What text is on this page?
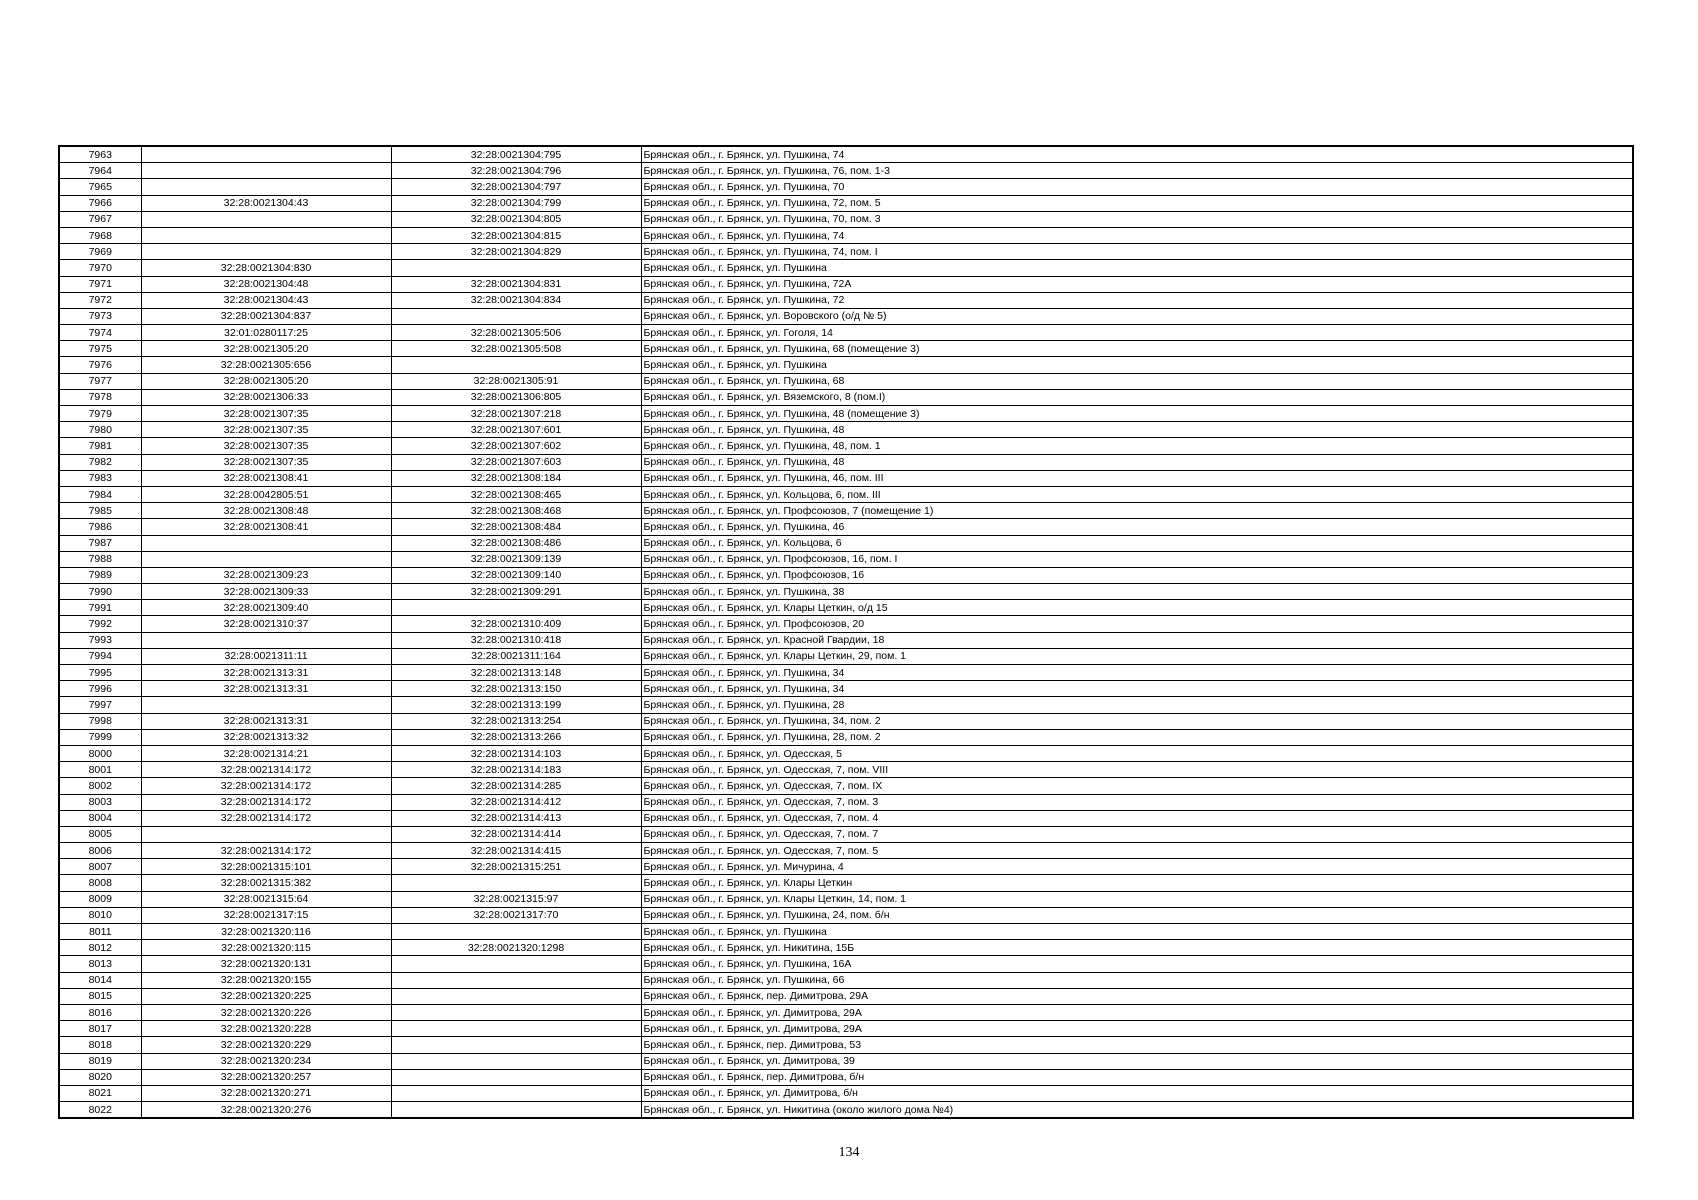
7963		32:28:0021304:795	Брянская обл., г. Брянск, ул. Пушкина, 74
7964		32:28:0021304:796	Брянская обл., г. Брянск, ул. Пушкина, 76, пом. 1-3
7965		32:28:0021304:797	Брянская обл., г. Брянск, ул. Пушкина, 70
7966	32:28:0021304:43	32:28:0021304:799	Брянская обл., г. Брянск, ул. Пушкина, 72, пом. 5
7967		32:28:0021304:805	Брянская обл., г. Брянск, ул. Пушкина, 70, пом. 3
7968		32:28:0021304:815	Брянская обл., г. Брянск, ул. Пушкина, 74
7969		32:28:0021304:829	Брянская обл., г. Брянск, ул. Пушкина, 74, пом. I
7970	32:28:0021304:830		Брянская обл., г. Брянск, ул. Пушкина
7971	32:28:0021304:48	32:28:0021304:831	Брянская обл., г. Брянск, ул. Пушкина, 72А
7972	32:28:0021304:43	32:28:0021304:834	Брянская обл., г. Брянск, ул. Пушкина, 72
7973	32:28:0021304:837		Брянская обл., г. Брянск, ул. Воровского (о/д № 5)
7974	32:01:0280117:25	32:28:0021305:506	Брянская обл., г. Брянск, ул. Гоголя, 14
7975	32:28:0021305:20	32:28:0021305:508	Брянская обл., г. Брянск, ул. Пушкина, 68 (помещение 3)
7976	32:28:0021305:656		Брянская обл., г. Брянск, ул. Пушкина
7977	32:28:0021305:20	32:28:0021305:91	Брянская обл., г. Брянск, ул. Пушкина, 68
7978	32:28:0021306:33	32:28:0021306:805	Брянская обл., г. Брянск, ул. Вяземского, 8 (пом.I)
7979	32:28:0021307:35	32:28:0021307:218	Брянская обл., г. Брянск, ул. Пушкина, 48 (помещение 3)
7980	32:28:0021307:35	32:28:0021307:601	Брянская обл., г. Брянск, ул. Пушкина, 48
7981	32:28:0021307:35	32:28:0021307:602	Брянская обл., г. Брянск, ул. Пушкина, 48, пом. 1
7982	32:28:0021307:35	32:28:0021307:603	Брянская обл., г. Брянск, ул. Пушкина, 48
7983	32:28:0021308:41	32:28:0021308:184	Брянская обл., г. Брянск, ул. Пушкина, 46, пом. III
7984	32:28:0042805:51	32:28:0021308:465	Брянская обл., г. Брянск, ул. Кольцова, 6, пом. III
7985	32:28:0021308:48	32:28:0021308:468	Брянская обл., г. Брянск, ул. Профсоюзов, 7 (помещение 1)
7986	32:28:0021308:41	32:28:0021308:484	Брянская обл., г. Брянск, ул. Пушкина, 46
7987		32:28:0021308:486	Брянская обл., г. Брянск, ул. Кольцова, 6
7988		32:28:0021309:139	Брянская обл., г. Брянск, ул. Профсоюзов, 16, пом. I
7989	32:28:0021309:23	32:28:0021309:140	Брянская обл., г. Брянск, ул. Профсоюзов, 16
7990	32:28:0021309:33	32:28:0021309:291	Брянская обл., г. Брянск, ул. Пушкина, 38
7991	32:28:0021309:40		Брянская обл., г. Брянск, ул. Клары Цеткин, о/д 15
7992	32:28:0021310:37	32:28:0021310:409	Брянская обл., г. Брянск, ул. Профсоюзов, 20
7993		32:28:0021310:418	Брянская обл., г. Брянск, ул. Красной Гвардии, 18
7994	32:28:0021311:11	32:28:0021311:164	Брянская обл., г. Брянск, ул. Клары Цеткин, 29, пом. 1
7995	32:28:0021313:31	32:28:0021313:148	Брянская обл., г. Брянск, ул. Пушкина, 34
7996	32:28:0021313:31	32:28:0021313:150	Брянская обл., г. Брянск, ул. Пушкина, 34
7997		32:28:0021313:199	Брянская обл., г. Брянск, ул. Пушкина, 28
7998	32:28:0021313:31	32:28:0021313:254	Брянская обл., г. Брянск, ул. Пушкина, 34, пом. 2
7999	32:28:0021313:32	32:28:0021313:266	Брянская обл., г. Брянск, ул. Пушкина, 28, пом. 2
8000	32:28:0021314:21	32:28:0021314:103	Брянская обл., г. Брянск, ул. Одесская, 5
8001	32:28:0021314:172	32:28:0021314:183	Брянская обл., г. Брянск, ул. Одесская, 7, пом. VIII
8002	32:28:0021314:172	32:28:0021314:285	Брянская обл., г. Брянск, ул. Одесская, 7, пом. IX
8003	32:28:0021314:172	32:28:0021314:412	Брянская обл., г. Брянск, ул. Одесская, 7, пом. 3
8004	32:28:0021314:172	32:28:0021314:413	Брянская обл., г. Брянск, ул. Одесская, 7, пом. 4
8005		32:28:0021314:414	Брянская обл., г. Брянск, ул. Одесская, 7, пом. 7
8006	32:28:0021314:172	32:28:0021314:415	Брянская обл., г. Брянск, ул. Одесская, 7, пом. 5
8007	32:28:0021315:101	32:28:0021315:251	Брянская обл., г. Брянск, ул. Мичурина, 4
8008	32:28:0021315:382		Брянская обл., г. Брянск, ул. Клары Цеткин
8009	32:28:0021315:64	32:28:0021315:97	Брянская обл., г. Брянск, ул. Клары Цеткин, 14, пом. 1
8010	32:28:0021317:15	32:28:0021317:70	Брянская обл., г. Брянск, ул. Пушкина, 24, пом. б/н
8011	32:28:0021320:116		Брянская обл., г. Брянск, ул. Пушкина
8012	32:28:0021320:115	32:28:0021320:1298	Брянская обл., г. Брянск, ул. Никитина, 15Б
8013	32:28:0021320:131		Брянская обл., г. Брянск, ул. Пушкина, 16А
8014	32:28:0021320:155		Брянская обл., г. Брянск, ул. Пушкина, 66
8015	32:28:0021320:225		Брянская обл., г. Брянск, пер. Димитрова, 29А
8016	32:28:0021320:226		Брянская обл., г. Брянск, ул. Димитрова, 29А
8017	32:28:0021320:228		Брянская обл., г. Брянск, ул. Димитрова, 29А
8018	32:28:0021320:229		Брянская обл., г. Брянск, пер. Димитрова, 53
8019	32:28:0021320:234		Брянская обл., г. Брянск, ул. Димитрова, 39
8020	32:28:0021320:257		Брянская обл., г. Брянск, пер. Димитрова, б/н
8021	32:28:0021320:271		Брянская обл., г. Брянск, ул. Димитрова, б/н
8022	32:28:0021320:276		Брянская обл., г. Брянск, ул. Никитина (около жилого дома №4)
134
